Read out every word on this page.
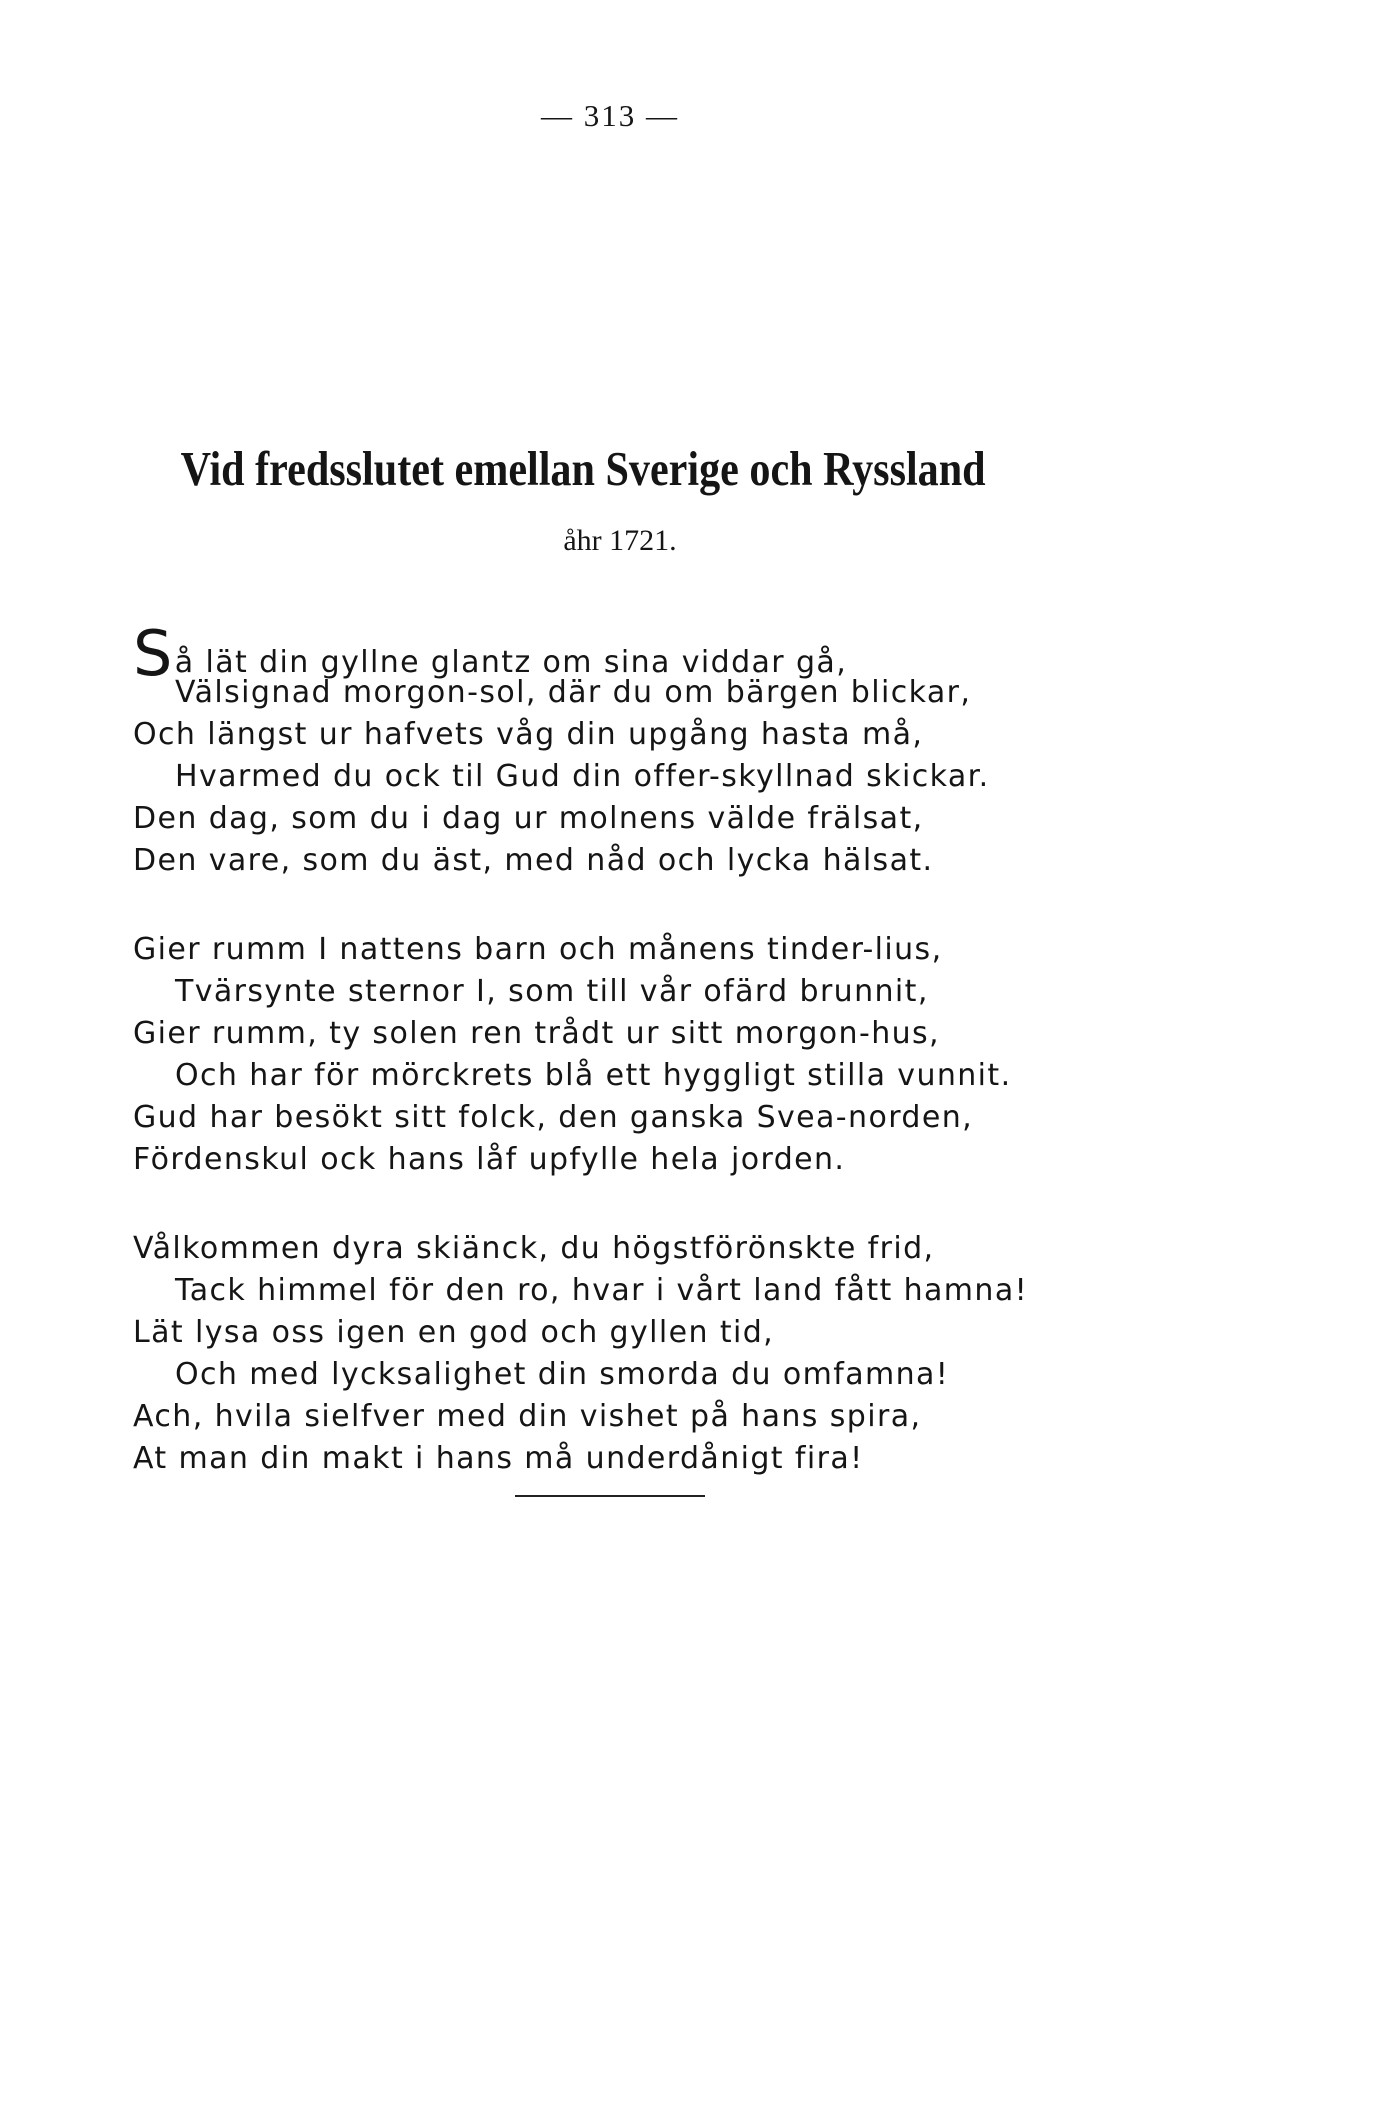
— 313 —
Vid fredsslutet emellan Sverige och Ryssland
åhr 1721.
Så lät din gyllne glantz om sina viddar gå,
Välsignad morgon-sol, där du om bärgen blickar,
Och längst ur hafvets våg din upgång hasta må,
Hvarmed du ock til Gud din offer-skyllnad skickar.
Den dag, som du i dag ur molnens välde frälsat,
Den vare, som du äst, med nåd och lycka hälsat.
Gier rumm I nattens barn och månens tinder-lius,
Tvärsynte sternor I, som till vår ofärd brunnit,
Gier rumm, ty solen ren trådt ur sitt morgon-hus,
Och har för mörckrets blå ett hyggligt stilla vunnit.
Gud har besökt sitt folck, den ganska Svea-norden,
Fördenskul ock hans låf upfylle hela jorden.
Vålkommen dyra skiänck, du högstförönskte frid,
Tack himmel för den ro, hvar i vårt land fått hamna!
Lät lysa oss igen en god och gyllen tid,
Och med lycksalighet din smorda du omfamna!
Ach, hvila sielfver med din vishet på hans spira,
At man din makt i hans må underdånigt fira!
